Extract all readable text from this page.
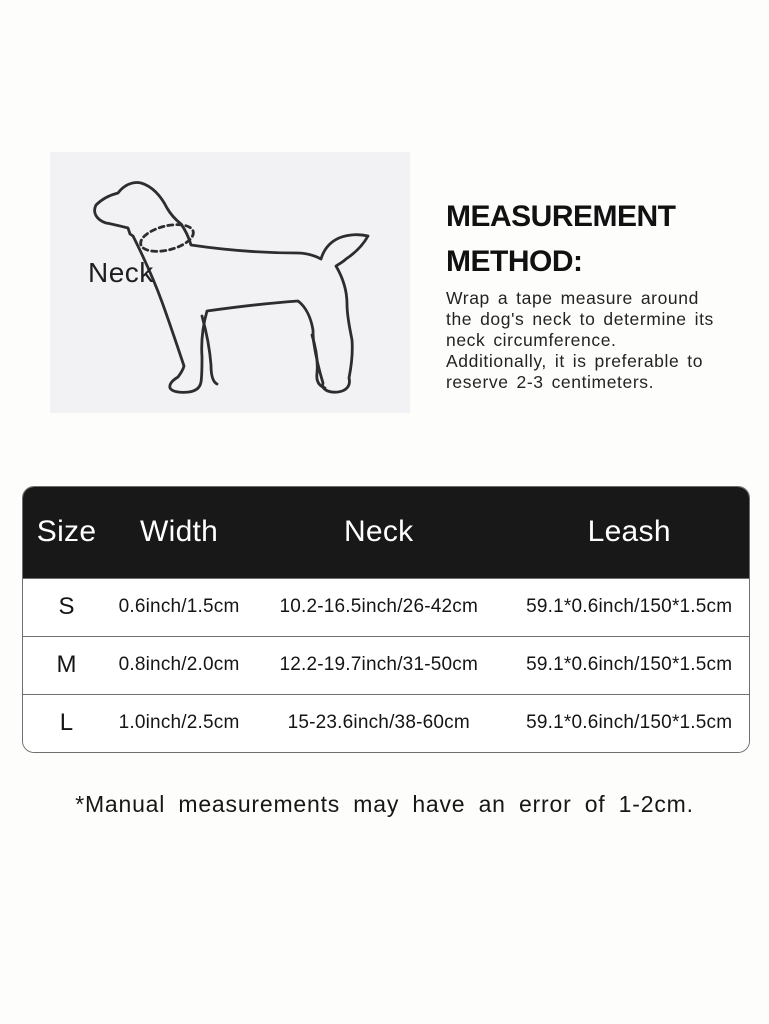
Neck
MEASUREMENT
METHOD:
Wrap a tape measure around
the dog's neck to determine its
neck circumference.
Additionally, it is preferable to
reserve 2-3 centimeters.
Size	Width	Neck	Leash
S	0.6inch/1.5cm	10.2-16.5inch/26-42cm	59.1*0.6inch/150*1.5cm
M	0.8inch/2.0cm	12.2-19.7inch/31-50cm	59.1*0.6inch/150*1.5cm
L	1.0inch/2.5cm	15-23.6inch/38-60cm	59.1*0.6inch/150*1.5cm
*Manual measurements may have an error of 1-2cm.
